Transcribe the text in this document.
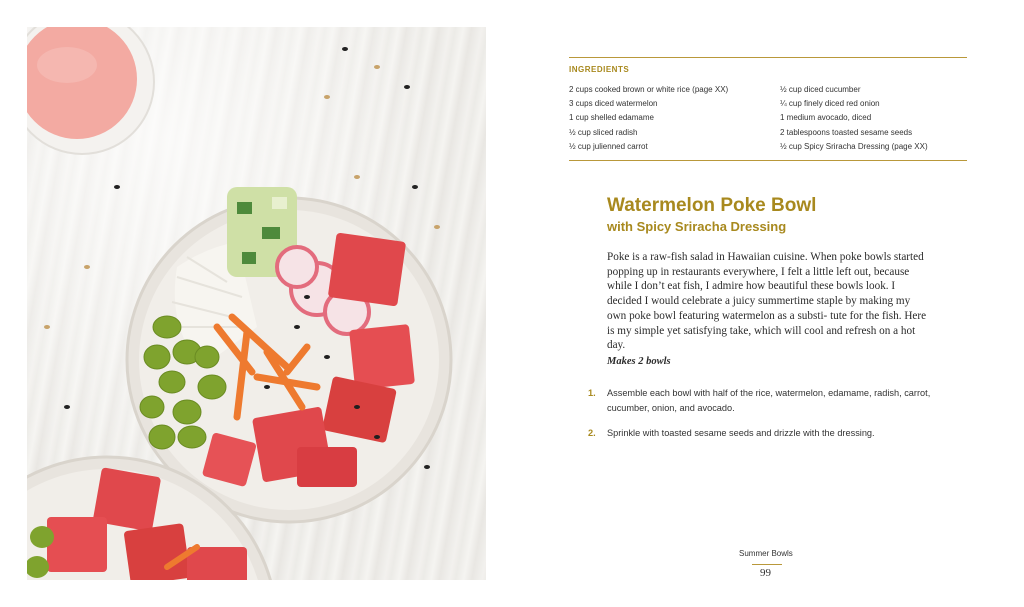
INGREDIENTS
2 cups cooked brown or white rice (page XX)
3 cups diced watermelon
1 cup shelled edamame
½ cup sliced radish
½ cup julienned carrot
½ cup diced cucumber
¼ cup finely diced red onion
1 medium avocado, diced
2 tablespoons toasted sesame seeds
½ cup Spicy Sriracha Dressing (page XX)
Watermelon Poke Bowl
with Spicy Sriracha Dressing

Poke is a raw-fish salad in Hawaiian cuisine. When poke bowls started popping up in restaurants everywhere, I felt a little left out, because while I don’t eat fish, I admire how beautiful these bowls look. I decided I would celebrate a juicy summertime staple by making my own poke bowl featuring watermelon as a substi- tute for the fish. Here is my simple yet satisfying take, which will cool and refresh on a hot day.

Makes 2 bowls

1. Assemble each bowl with half of the rice, watermelon, edamame, radish, carrot, cucumber, onion, and avocado.
2. Sprinkle with toasted sesame seeds and drizzle with the dressing.
Summer Bowls
99
